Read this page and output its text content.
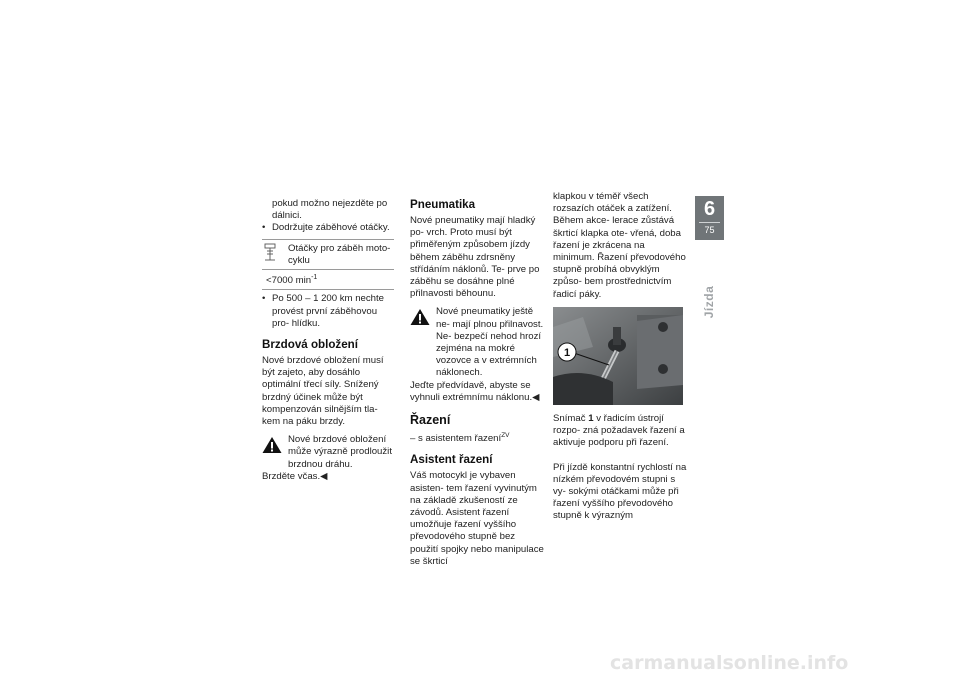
pokud možno nejezděte po

dálnici.

• Dodržujte záběhové otáčky.

Otáčky pro záběh moto- cyklu
<7000 $\min^{-1}$

• Po 500 – 1 200 km nechte provést první záběhovou pro- hlídku.

Brzdová obložení

Nové brzdové obložení musí být zajeto, aby dosáhlo optimální třecí síly. Snížený brzdný účinek může být kompenzován silnějším tla- kem na páku brzdy.

Nové brzdové obložení může výrazně prodloužit brzdnou dráhu.

Brzděte včas.◀

Pneumatika

Nové pneumatiky mají hladký po- vrch. Proto musí být přiměřeným způsobem jízdy během záběhu zdrsněny střídáním náklonů. Te- prve po záběhu se dosáhne plné přilnavosti běhounu.

Nové pneumatiky ještě ne- mají plnou přilnavost. Ne- bezpečí nehod hrozí zejména na mokré vozovce a v extrémních náklonech.

Jeďte předvídavě, abyste se vyhnuli extrémnímu náklonu.◀

Řazení

– s asistentem řazení$^{ZV}$

Asistent řazení

Váš motocykl je vybaven asisten- tem řazení vyvinutým na základě zkušeností ze závodů. Asistent řazení umožňuje řazení vyššího převodového stupně bez použití spojky nebo manipulace se škrticí

klapkou v téměř všech rozsazích otáček a zatížení. Během akce- lerace zůstává škrticí klapka ote- vřená, doba řazení je zkrácena na minimum. Řazení převodového stupně probíhá obvyklým způso- bem prostřednictvím řadicí páky.

1

Snímač 1 v řadicím ústrojí rozpo- zná požadavek řazení a aktivuje podporu při řazení.

Při jízdě konstantní rychlostí na nízkém převodovém stupni s vy- sokými otáčkami může při řazení vyššího převodového stupně k výrazným

6
75
Jízda
carmanualsonline.info
